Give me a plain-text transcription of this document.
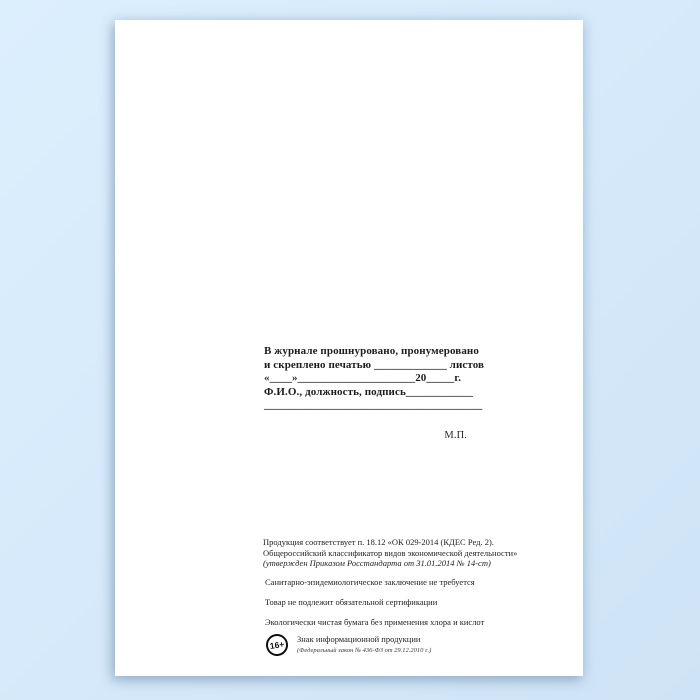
В журнале прошнуровано, пронумеровано
и скреплено печатью _____________ листов
«____»_____________________20_____г.
Ф.И.О., должность, подпись____________
_______________________________________
М.П.
Продукция соответствует п. 18.12 «ОК 029-2014 (КДЕС Ред. 2).
Общероссийский классификатор видов экономической деятельности»
(утвержден Приказом Росстандарта от 31.01.2014 № 14-ст)
Санитарно-эпидемиологическое заключение не требуется
Товар не подлежит обязательной сертификации
Экологически чистая бумага без применения хлора и кислот
16+	Знак информационной продукции
(Федеральный закон № 436-ФЗ от 29.12.2010 г.)
